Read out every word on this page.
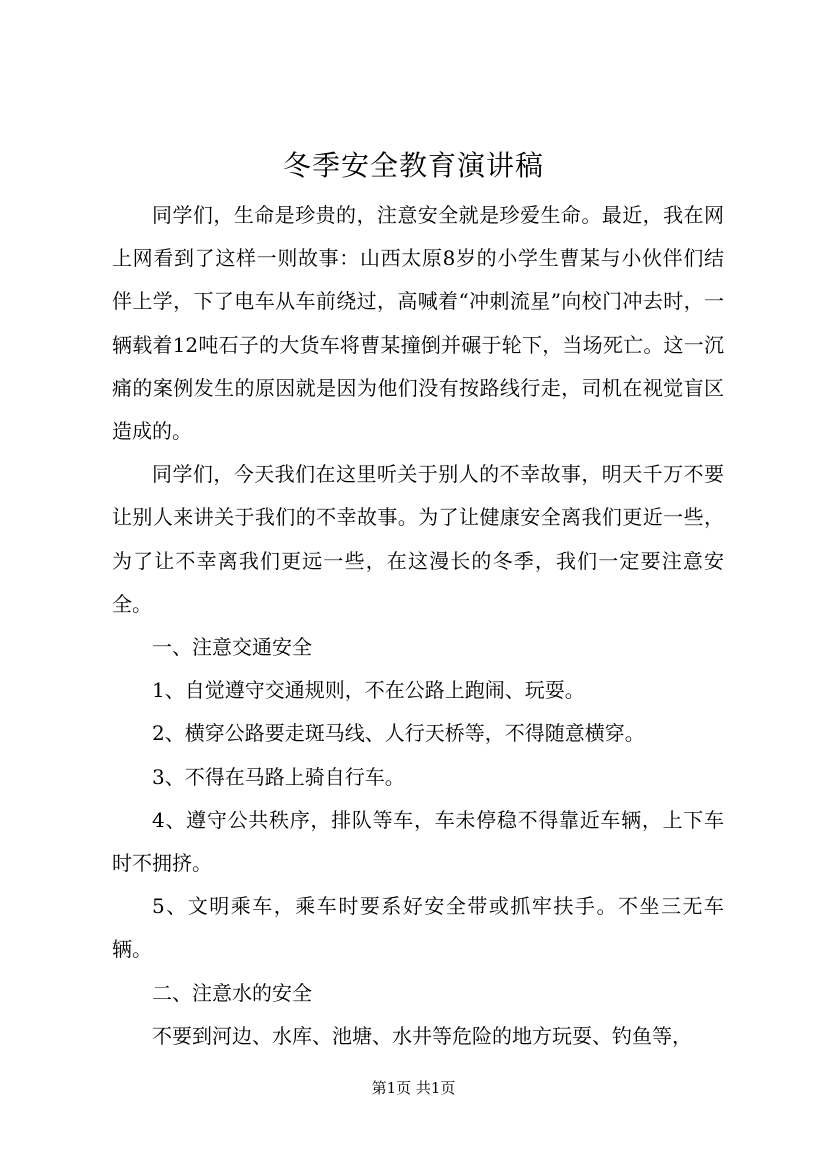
冬季安全教育演讲稿

同学们，生命是珍贵的，注意安全就是珍爱生命。最近，我在网上网看到了这样一则故事：山西太原8岁的小学生曹某与小伙伴们结伴上学，下了电车从车前绕过，高喊着“冲刺流星”向校门冲去时，一辆载着12吨石子的大货车将曹某撞倒并碾于轮下，当场死亡。这一沉痛的案例发生的原因就是因为他们没有按路线行走，司机在视觉盲区造成的。

同学们，今天我们在这里听关于别人的不幸故事，明天千万不要让别人来讲关于我们的不幸故事。为了让健康安全离我们更近一些，为了让不幸离我们更远一些，在这漫长的冬季，我们一定要注意安全。

一、注意交通安全

1、自觉遵守交通规则，不在公路上跑闹、玩耍。

2、横穿公路要走斑马线、人行天桥等，不得随意横穿。

3、不得在马路上骑自行车。

4、遵守公共秩序，排队等车，车未停稳不得靠近车辆，上下车时不拥挤。

5、文明乘车，乘车时要系好安全带或抓牢扶手。不坐三无车辆。

二、注意水的安全

不要到河边、水库、池塘、水井等危险的地方玩耍、钓鱼等，

第1页 共1页
